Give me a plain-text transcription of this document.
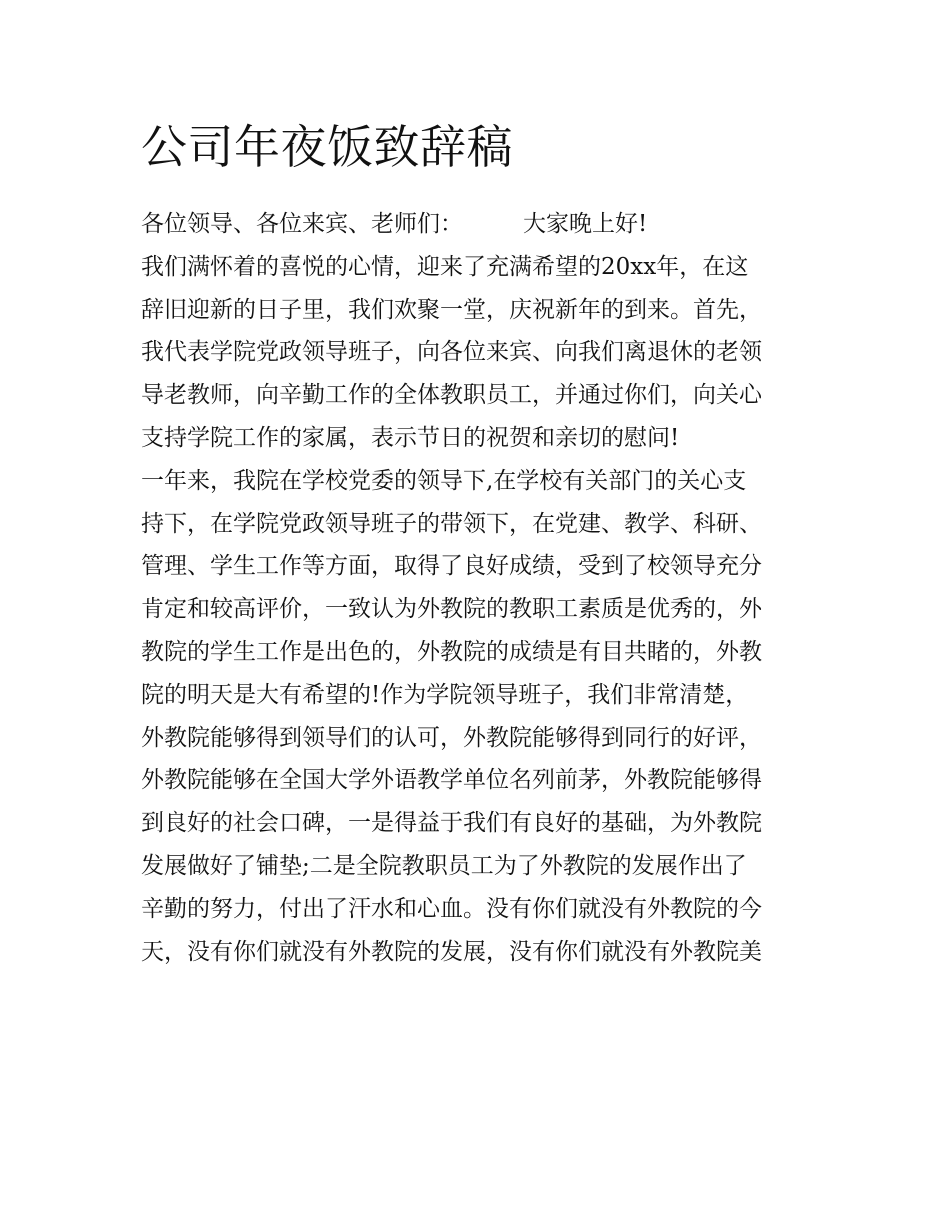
公司年夜饭致辞稿
各位领导、各位来宾、老师们：	大家晚上好!
我们满怀着的喜悦的心情，迎来了充满希望的20xx年，在这
辞旧迎新的日子里，我们欢聚一堂，庆祝新年的到来。首先，
我代表学院党政领导班子，向各位来宾、向我们离退休的老领
导老教师，向辛勤工作的全体教职员工，并通过你们，向关心
支持学院工作的家属，表示节日的祝贺和亲切的慰问!
一年来，我院在学校党委的领导下,在学校有关部门的关心支
持下，在学院党政领导班子的带领下，在党建、教学、科研、
管理、学生工作等方面，取得了良好成绩，受到了校领导充分
肯定和较高评价，一致认为外教院的教职工素质是优秀的，外
教院的学生工作是出色的，外教院的成绩是有目共睹的，外教
院的明天是大有希望的!作为学院领导班子，我们非常清楚，
外教院能够得到领导们的认可，外教院能够得到同行的好评，
外教院能够在全国大学外语教学单位名列前茅，外教院能够得
到良好的社会口碑，一是得益于我们有良好的基础，为外教院
发展做好了铺垫;二是全院教职员工为了外教院的发展作出了
辛勤的努力，付出了汗水和心血。没有你们就没有外教院的今
天，没有你们就没有外教院的发展，没有你们就没有外教院美
